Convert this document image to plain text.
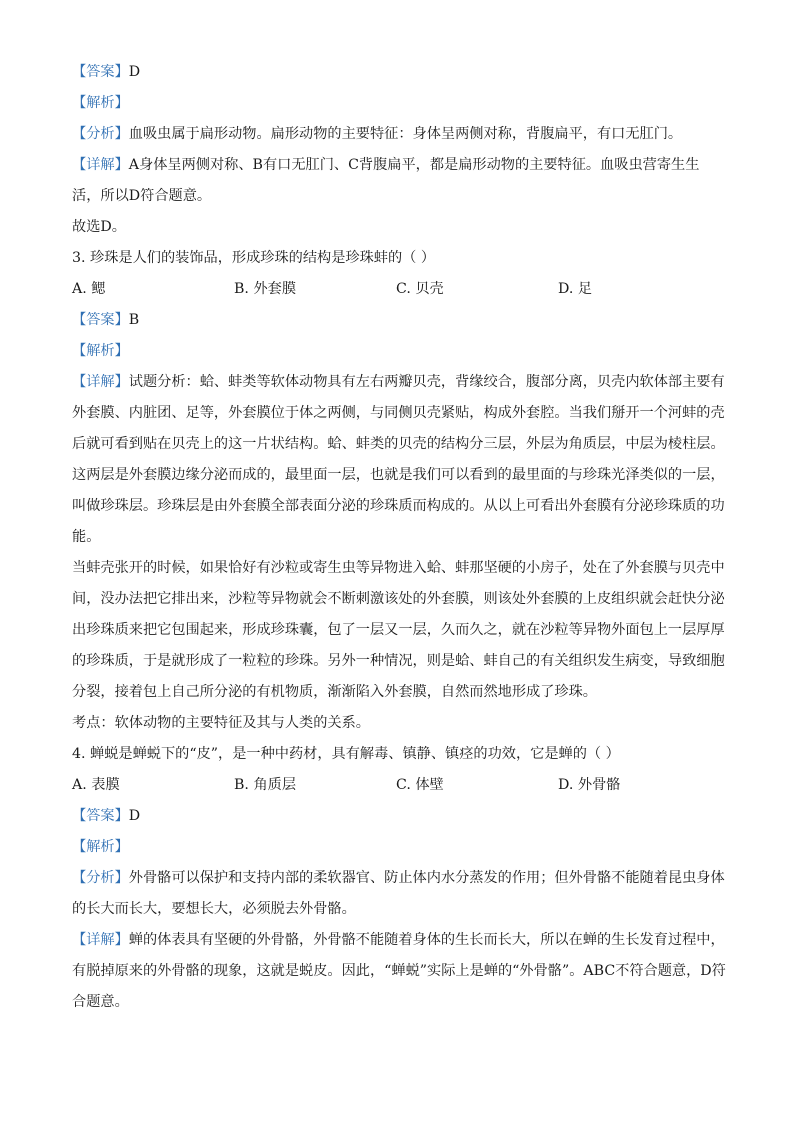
【答案】D
【解析】
【分析】血吸虫属于扁形动物。扁形动物的主要特征：身体呈两侧对称，背腹扁平，有口无肛门。

【详解】A身体呈两侧对称、B有口无肛门、C背腹扁平，都是扁形动物的主要特征。血吸虫营寄生生

活，所以D符合题意。

故选D。
3. 珍珠是人们的装饰品，形成珍珠的结构是珍珠蚌的（ ）
A. 鳃	B. 外套膜	C. 贝壳	D. 足
【答案】B
【解析】

【详解】试题分析：蛤、蚌类等软体动物具有左右两瓣贝壳，背缘绞合，腹部分离，贝壳内软体部主要有

外套膜、内脏团、足等，外套膜位于体之两侧，与同侧贝壳紧贴，构成外套腔。当我们掰开一个河蚌的壳

后就可看到贴在贝壳上的这一片状结构。蛤、蚌类的贝壳的结构分三层，外层为角质层，中层为棱柱层。

这两层是外套膜边缘分泌而成的，最里面一层，也就是我们可以看到的最里面的与珍珠光泽类似的一层，

叫做珍珠层。珍珠层是由外套膜全部表面分泌的珍珠质而构成的。从以上可看出外套膜有分泌珍珠质的功

能。

当蚌壳张开的时候，如果恰好有沙粒或寄生虫等异物进入蛤、蚌那坚硬的小房子，处在了外套膜与贝壳中

间，没办法把它排出来，沙粒等异物就会不断刺激该处的外套膜，则该处外套膜的上皮组织就会赶快分泌

出珍珠质来把它包围起来，形成珍珠囊，包了一层又一层，久而久之，就在沙粒等异物外面包上一层厚厚

的珍珠质，于是就形成了一粒粒的珍珠。另外一种情况，则是蛤、蚌自己的有关组织发生病变，导致细胞

分裂，接着包上自己所分泌的有机物质，渐渐陷入外套膜，自然而然地形成了珍珠。

考点：软体动物的主要特征及其与人类的关系。
4. 蝉蜕是蝉蜕下的“皮”，是一种中药材，具有解毒、镇静、镇痉的功效，它是蝉的（ ）
A. 表膜	B. 角质层	C. 体壁	D. 外骨骼
【答案】D
【解析】

【分析】外骨骼可以保护和支持内部的柔软器官、防止体内水分蒸发的作用；但外骨骼不能随着昆虫身体

的长大而长大，要想长大，必须脱去外骨骼。

【详解】蝉的体表具有坚硬的外骨骼，外骨骼不能随着身体的生长而长大，所以在蝉的生长发育过程中，

有脱掉原来的外骨骼的现象，这就是蜕皮。因此，“蝉蜕”实际上是蝉的“外骨骼”。ABC不符合题意，D符

合题意。
